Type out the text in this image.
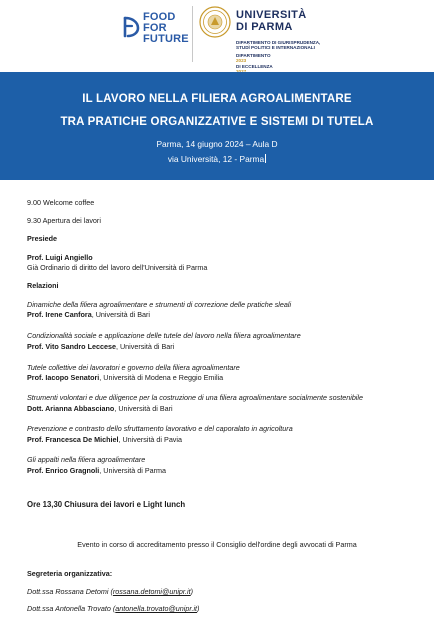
FOOD
FOR
FUTURE
UNIVERSITÀ
DI PARMA
DIPARTIMENTO DI GIURISPRUDENZA,
STUDÌ POLITICI E INTERNAZIONALI
DIPARTIMENTO
2023
DI ECCELLENZA
IL LAVORO NELLA FILIERA AGROALIMENTARE
TRA PRATICHE ORGANIZZATIVE E SISTEMI DI TUTELA
Parma, 14 giugno 2024 – Aula D
via Università, 12 - Parma
9.00 Welcome coffee
9.30 Apertura dei lavori
Presiede
Prof. Luigi Angiello
Già Ordinario di diritto del lavoro dell'Università di Parma
Relazioni
Dinamiche della filiera agroalimentare e strumenti di correzione delle pratiche sleali
Prof. Irene Canfora, Università di Bari
Condizionalità sociale e applicazione delle tutele del lavoro nella filiera agroalimentare
Prof. Vito Sandro Leccese, Università di Bari
Tutele collettive dei lavoratori e governo della filiera agroalimentare
Prof. Iacopo Senatori, Università di Modena e Reggio Emilia
Strumenti volontari e due diligence per la costruzione di una filiera agroalimentare socialmente sostenibile
Dott. Arianna Abbasciano, Università di Bari
Prevenzione e contrasto dello sfruttamento lavorativo e del caporalato in agricoltura
Prof. Francesca De Michiel, Università di Pavia
Gli appalti nella filiera agroalimentare
Prof. Enrico Gragnoli, Università di Parma
Ore 13,30 Chiusura dei lavori e Light lunch
Evento in corso di accreditamento presso il Consiglio dell'ordine degli avvocati di Parma
Segreteria organizzativa:
Dott.ssa Rossana Detomi (rossana.detomi@unipr.it)
Dott.ssa Antonella Trovato (antonella.trovato@unipr.it)
